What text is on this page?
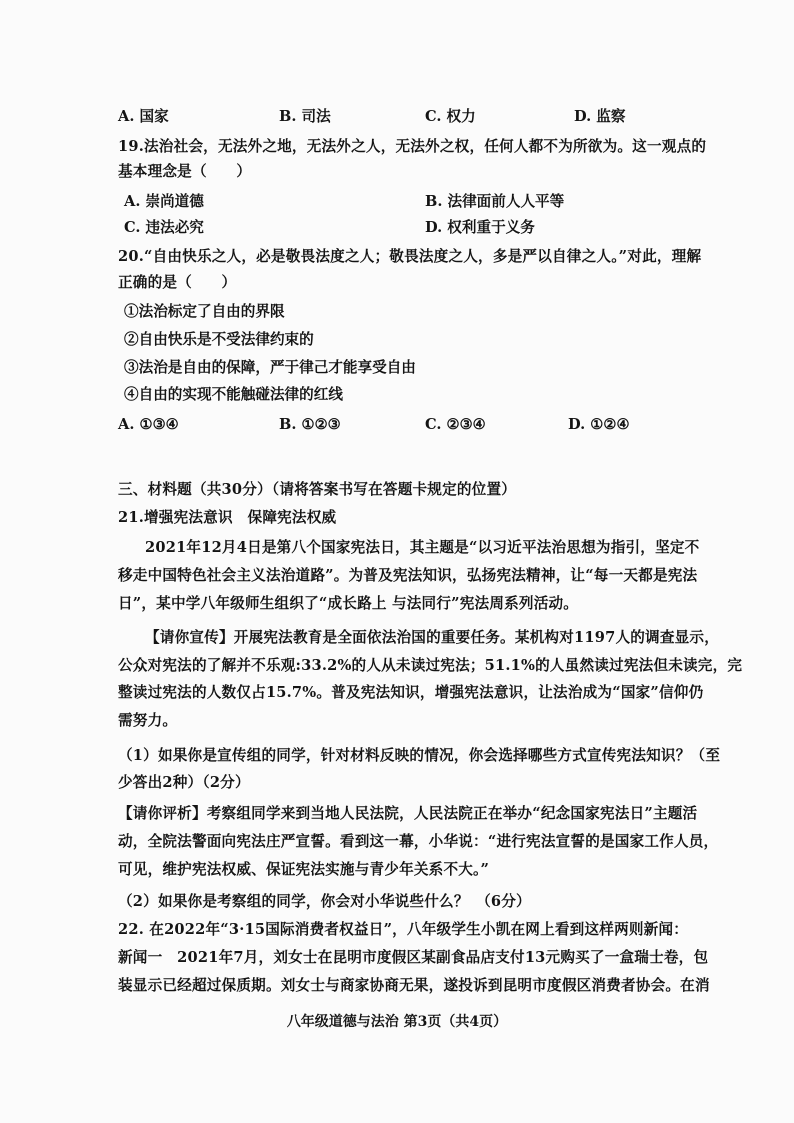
A. 国家	B. 司法	C. 权力	D. 监察
19.法治社会，无法外之地，无法外之人，无法外之权，任何人都不为所欲为。这一观点的
基本理念是（　　）
A. 崇尚道德	B. 法律面前人人平等
C. 违法必究	D. 权利重于义务
20.“自由快乐之人，必是敬畏法度之人；敬畏法度之人，多是严以自律之人。”对此，理解
正确的是（　　）
①法治标定了自由的界限
②自由快乐是不受法律约束的
③法治是自由的保障，严于律己才能享受自由
④自由的实现不能触碰法律的红线
A. ①③④	B. ①②③	C. ②③④	D. ①②④
三、材料题（共30分）（请将答案书写在答题卡规定的位置）
21.增强宪法意识　保障宪法权威
2021年12月4日是第八个国家宪法日，其主题是“以习近平法治思想为指引，坚定不
移走中国特色社会主义法治道路”。为普及宪法知识，弘扬宪法精神，让“每一天都是宪法
日”，某中学八年级师生组织了“成长路上 与法同行”宪法周系列活动。
【请你宣传】开展宪法教育是全面依法治国的重要任务。某机构对1197人的调查显示，
公众对宪法的了解并不乐观:33.2%的人从未读过宪法；51.1%的人虽然读过宪法但未读完，完
整读过宪法的人数仅占15.7%。普及宪法知识，增强宪法意识，让法治成为“国家”信仰仍
需努力。
（1）如果你是宣传组的同学，针对材料反映的情况，你会选择哪些方式宣传宪法知识？（至
少答出2种）（2分）
【请你评析】考察组同学来到当地人民法院，人民法院正在举办“纪念国家宪法日”主题活
动，全院法警面向宪法庄严宣誓。看到这一幕，小华说：“进行宪法宣誓的是国家工作人员，
可见，维护宪法权威、保证宪法实施与青少年关系不大。”
（2）如果你是考察组的同学，你会对小华说些什么？　（6分）
22. 在2022年“3·15国际消费者权益日”，八年级学生小凯在网上看到这样两则新闻：
新闻一　2021年7月，刘女士在昆明市度假区某副食品店支付13元购买了一盒瑞士卷，包
装显示已经超过保质期。刘女士与商家协商无果，遂投诉到昆明市度假区消费者协会。在消
八年级道德与法治 第3页（共4页）
